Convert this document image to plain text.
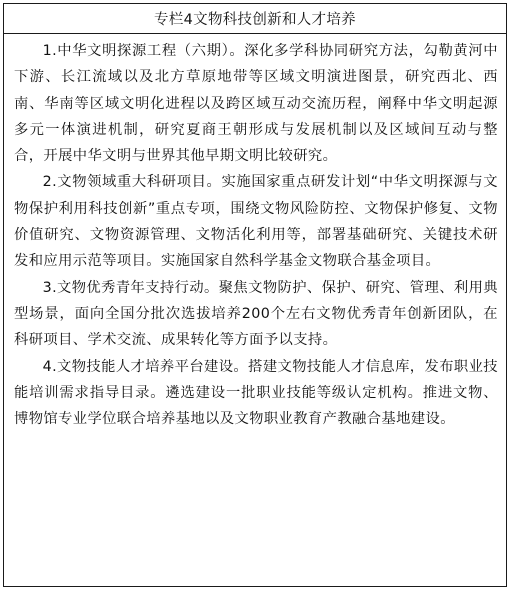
专栏4文物科技创新和人才培养

1.中华文明探源工程（六期）。深化多学科协同研究方法，勾勒黄河中下游、长江流域以及北方草原地带等区域文明演进图景，研究西北、西南、华南等区域文明化进程以及跨区域互动交流历程，阐释中华文明起源多元一体演进机制，研究夏商王朝形成与发展机制以及区域间互动与整合，开展中华文明与世界其他早期文明比较研究。

2.文物领域重大科研项目。实施国家重点研发计划“中华文明探源与文物保护利用科技创新”重点专项，围绕文物风险防控、文物保护修复、文物价值研究、文物资源管理、文物活化利用等，部署基础研究、关键技术研发和应用示范等项目。实施国家自然科学基金文物联合基金项目。

3.文物优秀青年支持行动。聚焦文物防护、保护、研究、管理、利用典型场景，面向全国分批次选拔培养200个左右文物优秀青年创新团队，在科研项目、学术交流、成果转化等方面予以支持。

4.文物技能人才培养平台建设。搭建文物技能人才信息库，发布职业技能培训需求指导目录。遴选建设一批职业技能等级认定机构。推进文物、博物馆专业学位联合培养基地以及文物职业教育产教融合基地建设。
